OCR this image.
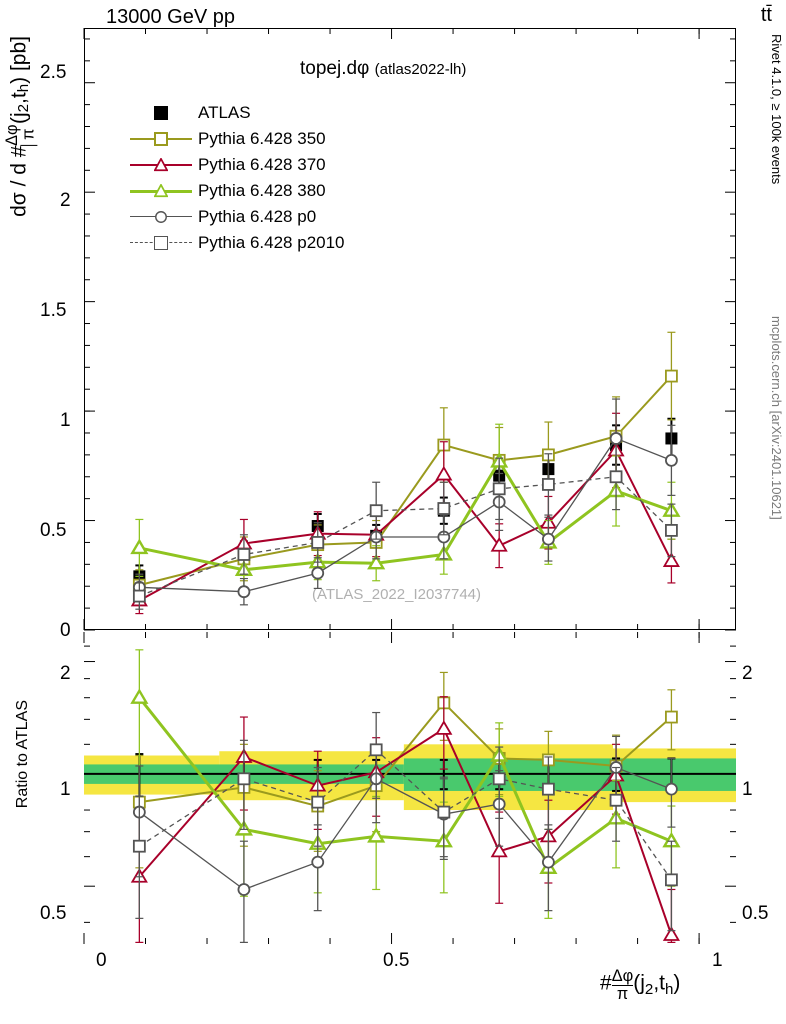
13000 GeV pp	tt̄
Rivet 4.1.0, ≥ 100k events
mcplots.cern.ch [arXiv:2401.10621]
dσ / d #
Δφ
π
$(j_2,t_h)$ [pb]
Ratio to ATLAS
# $\frac{\Delta\varphi}{\pi} (j_2,t_h)$
0
0.5
1
1.5
2
2.5
0.5
1
2
0.5
1
2
0	0.5	1
topej.dφ (atlas2022-lh)
(ATLAS_2022_I2037744)
ATLAS
Pythia 6.428 350
Pythia 6.428 370
Pythia 6.428 380
Pythia 6.428 p0
Pythia 6.428 p2010
